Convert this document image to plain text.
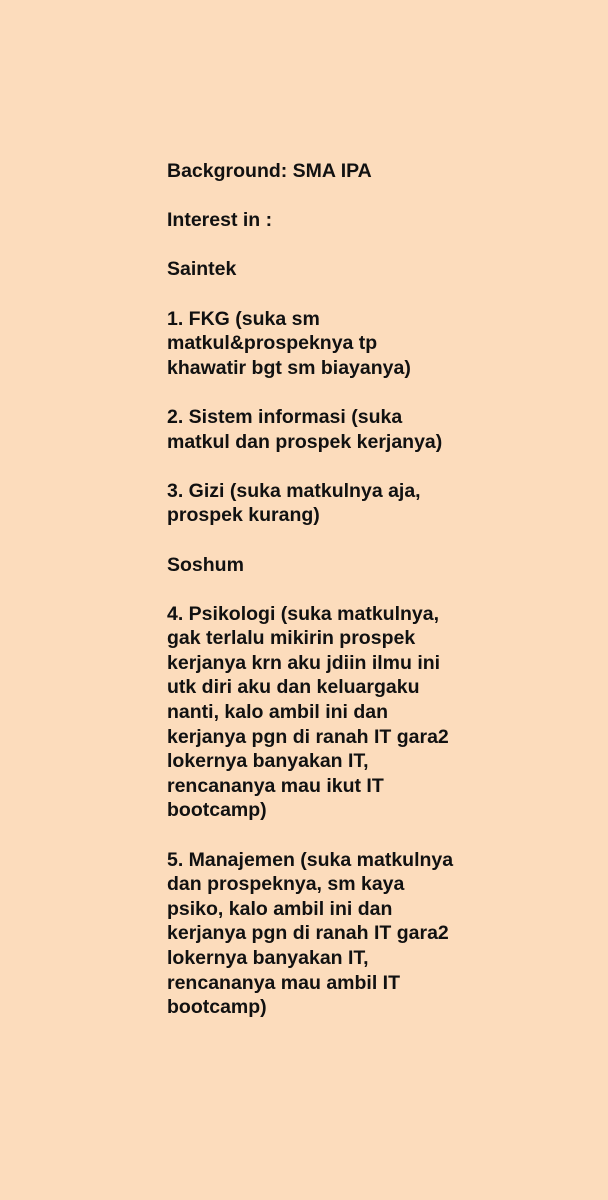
Background: SMA IPA

Interest in :

Saintek

1. FKG (suka sm matkul&prospeknya tp khawatir bgt sm biayanya)

2. Sistem informasi (suka matkul dan prospek kerjanya)

3. Gizi (suka matkulnya aja, prospek kurang)

Soshum

4. Psikologi (suka matkulnya, gak terlalu mikirin prospek kerjanya krn aku jdiin ilmu ini utk diri aku dan keluargaku nanti, kalo ambil ini dan kerjanya pgn di ranah IT gara2 lokernya banyakan IT, rencananya mau ikut IT bootcamp)

5. Manajemen (suka matkulnya dan prospeknya, sm kaya psiko, kalo ambil ini dan kerjanya pgn di ranah IT gara2 lokernya banyakan IT, rencananya mau ambil IT bootcamp)
